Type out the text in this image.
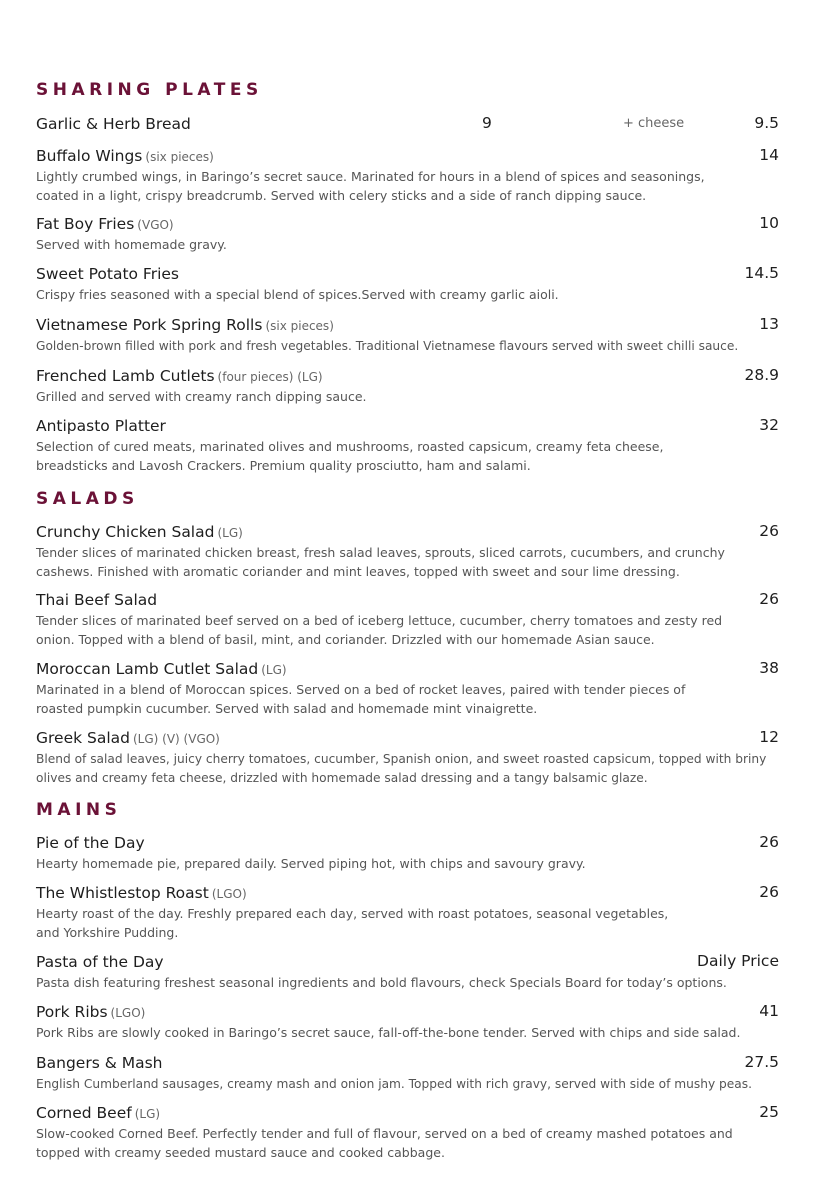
SHARING PLATES
Garlic & Herb Bread	9	+ cheese	9.5
Buffalo Wings (six pieces)	14
Lightly crumbed wings, in Baringo’s secret sauce. Marinated for hours in a blend of spices and seasonings, coated in a light, crispy breadcrumb. Served with celery sticks and a side of ranch dipping sauce.
Fat Boy Fries (VGO)	10
Served with homemade gravy.
Sweet Potato Fries	14.5
Crispy fries seasoned with a special blend of spices.Served with creamy garlic aioli.
Vietnamese Pork Spring Rolls (six pieces)	13
Golden-brown filled with pork and fresh vegetables. Traditional Vietnamese flavours served with sweet chilli sauce.
Frenched Lamb Cutlets (four pieces) (LG)	28.9
Grilled and served with creamy ranch dipping sauce.
Antipasto Platter	32
Selection of cured meats, marinated olives and mushrooms, roasted capsicum, creamy feta cheese, breadsticks and Lavosh Crackers. Premium quality prosciutto, ham and salami.
SALADS
Crunchy Chicken Salad (LG)	26
Tender slices of marinated chicken breast, fresh salad leaves, sprouts, sliced carrots, cucumbers, and crunchy cashews. Finished with aromatic coriander and mint leaves, topped with sweet and sour lime dressing.
Thai Beef Salad	26
Tender slices of marinated beef served on a bed of iceberg lettuce, cucumber, cherry tomatoes and zesty red onion. Topped with a blend of basil, mint, and coriander. Drizzled with our homemade Asian sauce.
Moroccan Lamb Cutlet Salad (LG)	38
Marinated in a blend of Moroccan spices. Served on a bed of rocket leaves, paired with tender pieces of roasted pumpkin cucumber. Served with salad and homemade mint vinaigrette.
Greek Salad (LG) (V) (VGO)	12
Blend of salad leaves, juicy cherry tomatoes, cucumber, Spanish onion, and sweet roasted capsicum, topped with briny olives and creamy feta cheese, drizzled with homemade salad dressing and a tangy balsamic glaze.
MAINS
Pie of the Day	26
Hearty homemade pie, prepared daily. Served piping hot, with chips and savoury gravy.
The Whistlestop Roast (LGO)	26
Hearty roast of the day. Freshly prepared each day, served with roast potatoes, seasonal vegetables, and Yorkshire Pudding.
Pasta of the Day	Daily Price
Pasta dish featuring freshest seasonal ingredients and bold flavours, check Specials Board for today’s options.
Pork Ribs (LGO)	41
Pork Ribs are slowly cooked in Baringo’s secret sauce, fall-off-the-bone tender. Served with chips and side salad.
Bangers & Mash	27.5
English Cumberland sausages, creamy mash and onion jam. Topped with rich gravy, served with side of mushy peas.
Corned Beef (LG)	25
Slow-cooked Corned Beef. Perfectly tender and full of flavour, served on a bed of creamy mashed potatoes and topped with creamy seeded mustard sauce and cooked cabbage.
